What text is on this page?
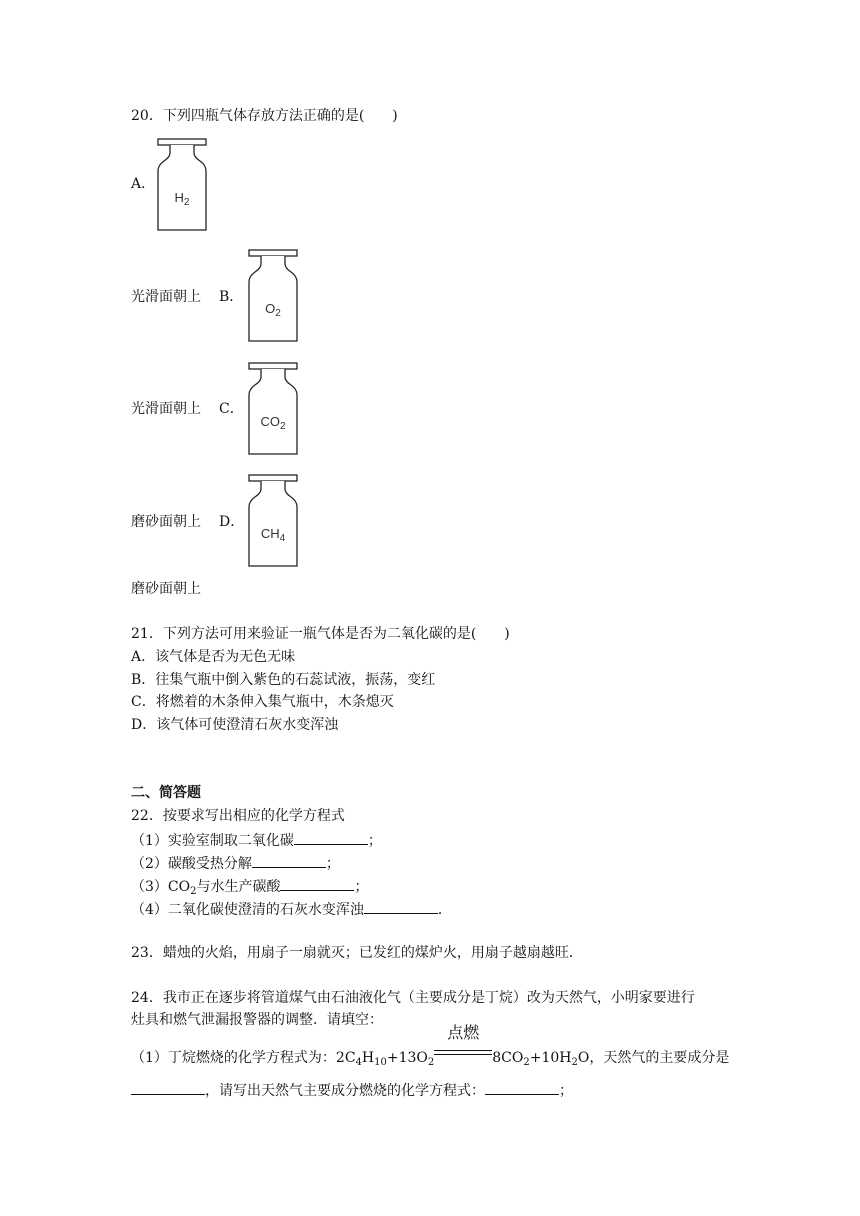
20．下列四瓶气体存放方法正确的是(　　)
A．
$H_2$
光滑面朝上 B．
$O_2$
光滑面朝上 C．
$CO_2$
磨砂面朝上 D．
$CH_4$
磨砂面朝上
21．下列方法可用来验证一瓶气体是否为二氧化碳的是(　　)
A．该气体是否为无色无味
B．往集气瓶中倒入紫色的石蕊试液，振荡，变红
C．将燃着的木条伸入集气瓶中，木条熄灭
D．该气体可使澄清石灰水变浑浊
二、简答题
22．按要求写出相应的化学方程式
（1）实验室制取二氧化碳	；
（2）碳酸受热分解	；
$(3)CO_2$与水生产碳酸	；
（4）二氧化碳使澄清的石灰水变浑浊	．
23．蜡烛的火焰，用扇子一扇就灭；已发红的煤炉火，用扇子越扇越旺．
24．我市正在逐步将管道煤气由石油液化气（主要成分是丁烷）改为天然气，小明家要进行
灶具和燃气泄漏报警器的调整．请填空：
（1）丁烷燃烧的化学方程式为：$2C_4H_{10}+13O_2$
点燃
$8CO_2+10H_2O$，天然气的主要成分是
，请写出天然气主要成分燃烧的化学方程式：	；
